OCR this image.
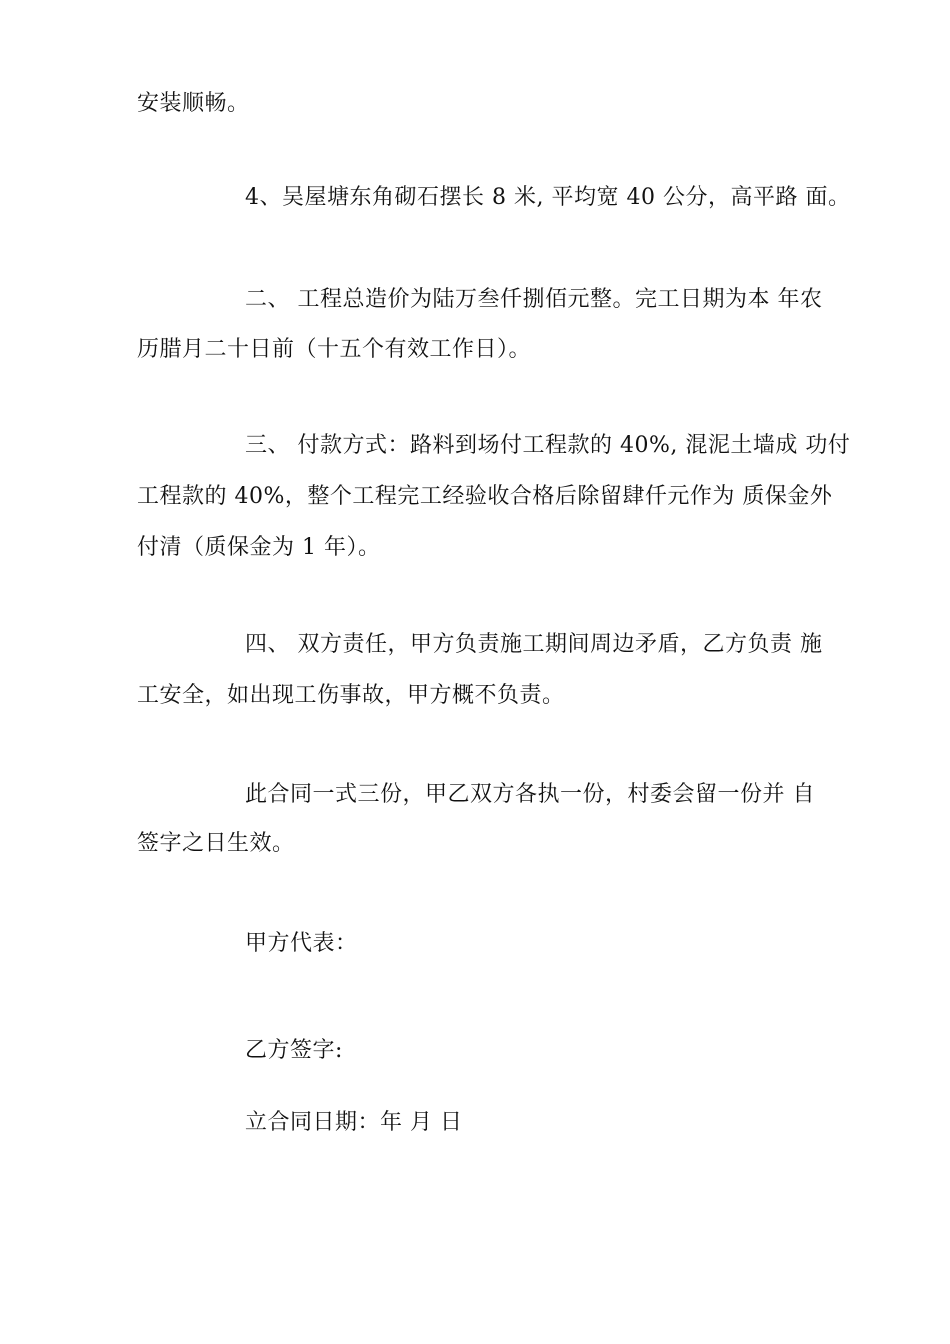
安装顺畅。
4、吴屋塘东角砌石摆长 8 米, 平均宽 40 公分，高平路 面。
二、 工程总造价为陆万叁仟捌佰元整。完工日期为本 年农
历腊月二十日前（十五个有效工作日）。
三、 付款方式：路料到场付工程款的 40%, 混泥土墙成 功付
工程款的 40%，整个工程完工经验收合格后除留肆仟元作为 质保金外
付清（质保金为 1 年）。
四、 双方责任，甲方负责施工期间周边矛盾，乙方负责 施
工安全，如出现工伤事故，甲方概不负责。
此合同一式三份，甲乙双方各执一份，村委会留一份并 自
签字之日生效。
甲方代表：
乙方签字:
立合同日期：年 月 日
